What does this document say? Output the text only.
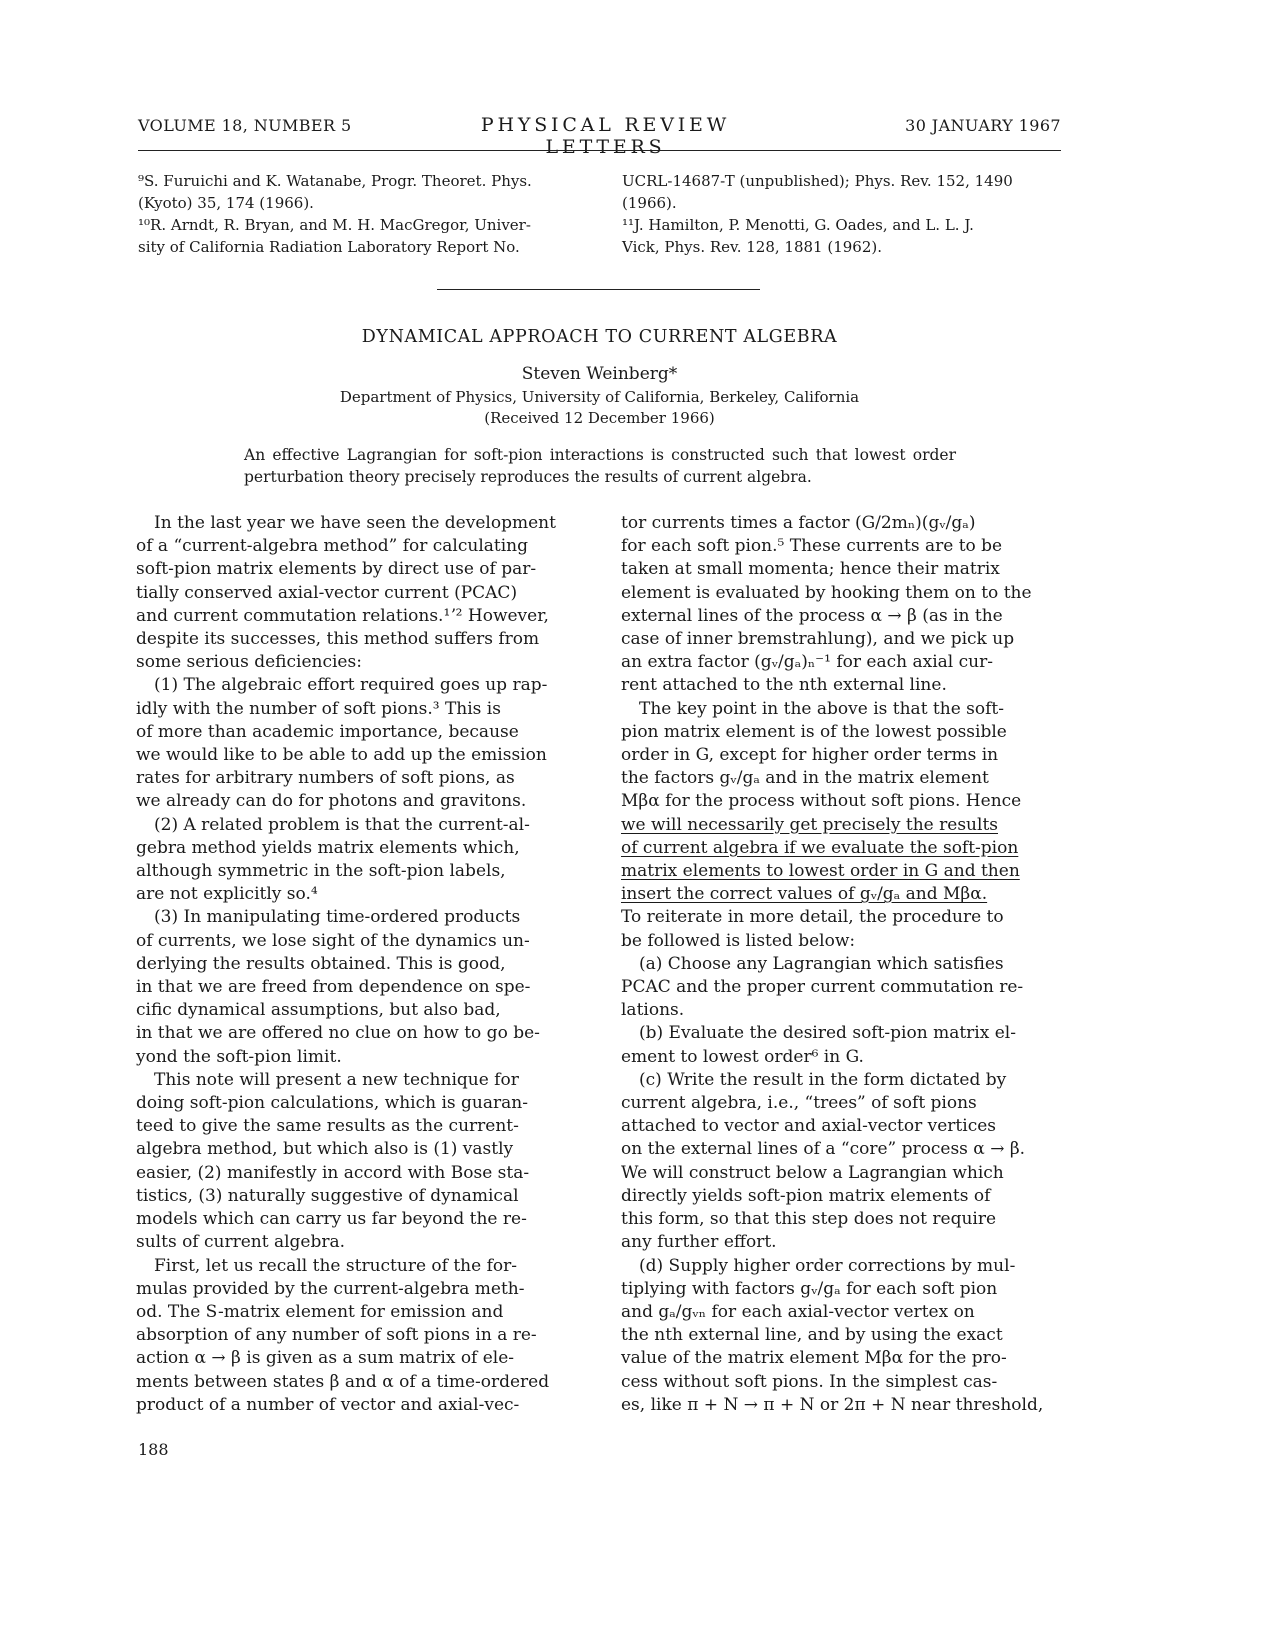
VOLUME 18, NUMBER 5	PHYSICAL REVIEW LETTERS
30 JANUARY 1967

⁹S. Furuichi and K. Watanabe, Progr. Theoret. Phys.

(Kyoto) 35, 174 (1966).

¹⁰R. Arndt, R. Bryan, and M. H. MacGregor, Univer-

sity of California Radiation Laboratory Report No.

UCRL-14687-T (unpublished); Phys. Rev. 152, 1490

(1966).

¹¹J. Hamilton, P. Menotti, G. Oades, and L. L. J.

Vick, Phys. Rev. 128, 1881 (1962).

DYNAMICAL APPROACH TO CURRENT ALGEBRA

Steven Weinberg*

Department of Physics, University of California, Berkeley, California

(Received 12 December 1966)

An effective Lagrangian for soft-pion interactions is constructed such that lowest order perturbation theory precisely reproduces the results of current algebra.
In the last year we have seen the development
of a “current-algebra method” for calculating
soft-pion matrix elements by direct use of par-
tially conserved axial-vector current (PCAC)
and current commutation relations.¹ʼ² However,
despite its successes, this method suffers from
some serious deficiencies:
(1) The algebraic effort required goes up rap-
idly with the number of soft pions.³ This is
of more than academic importance, because
we would like to be able to add up the emission
rates for arbitrary numbers of soft pions, as
we already can do for photons and gravitons.
(2) A related problem is that the current-al-
gebra method yields matrix elements which,
although symmetric in the soft-pion labels,
are not explicitly so.⁴
(3) In manipulating time-ordered products
of currents, we lose sight of the dynamics un-
derlying the results obtained. This is good,
in that we are freed from dependence on spe-
cific dynamical assumptions, but also bad,
in that we are offered no clue on how to go be-
yond the soft-pion limit.
This note will present a new technique for
doing soft-pion calculations, which is guaran-
teed to give the same results as the current-
algebra method, but which also is (1) vastly
easier, (2) manifestly in accord with Bose sta-
tistics, (3) naturally suggestive of dynamical
models which can carry us far beyond the re-
sults of current algebra.
First, let us recall the structure of the for-
mulas provided by the current-algebra meth-
od. The S-matrix element for emission and
absorption of any number of soft pions in a re-
action α → β is given as a sum matrix of ele-
ments between states β and α of a time-ordered
product of a number of vector and axial-vec-
tor currents times a factor (G/2mₙ)(gᵥ/gₐ)
for each soft pion.⁵ These currents are to be
taken at small momenta; hence their matrix
element is evaluated by hooking them on to the
external lines of the process α → β (as in the
case of inner bremstrahlung), and we pick up
an extra factor (gᵥ/gₐ)ₙ⁻¹ for each axial cur-
rent attached to the nth external line.
The key point in the above is that the soft-
pion matrix element is of the lowest possible
order in G, except for higher order terms in
the factors gᵥ/gₐ and in the matrix element
Mβα for the process without soft pions. Hence
we will necessarily get precisely the results
of current algebra if we evaluate the soft-pion
matrix elements to lowest order in G and then
insert the correct values of gᵥ/gₐ and Mβα.
To reiterate in more detail, the procedure to
be followed is listed below:
(a) Choose any Lagrangian which satisfies
PCAC and the proper current commutation re-
lations.
(b) Evaluate the desired soft-pion matrix el-
ement to lowest order⁶ in G.
(c) Write the result in the form dictated by
current algebra, i.e., “trees” of soft pions
attached to vector and axial-vector vertices
on the external lines of a “core” process α → β.
We will construct below a Lagrangian which
directly yields soft-pion matrix elements of
this form, so that this step does not require
any further effort.
(d) Supply higher order corrections by mul-
tiplying with factors gᵥ/gₐ for each soft pion
and gₐ/gᵥₙ for each axial-vector vertex on
the nth external line, and by using the exact
value of the matrix element Mβα for the pro-
cess without soft pions. In the simplest cas-
es, like π + N → π + N or 2π + N near threshold,
188
